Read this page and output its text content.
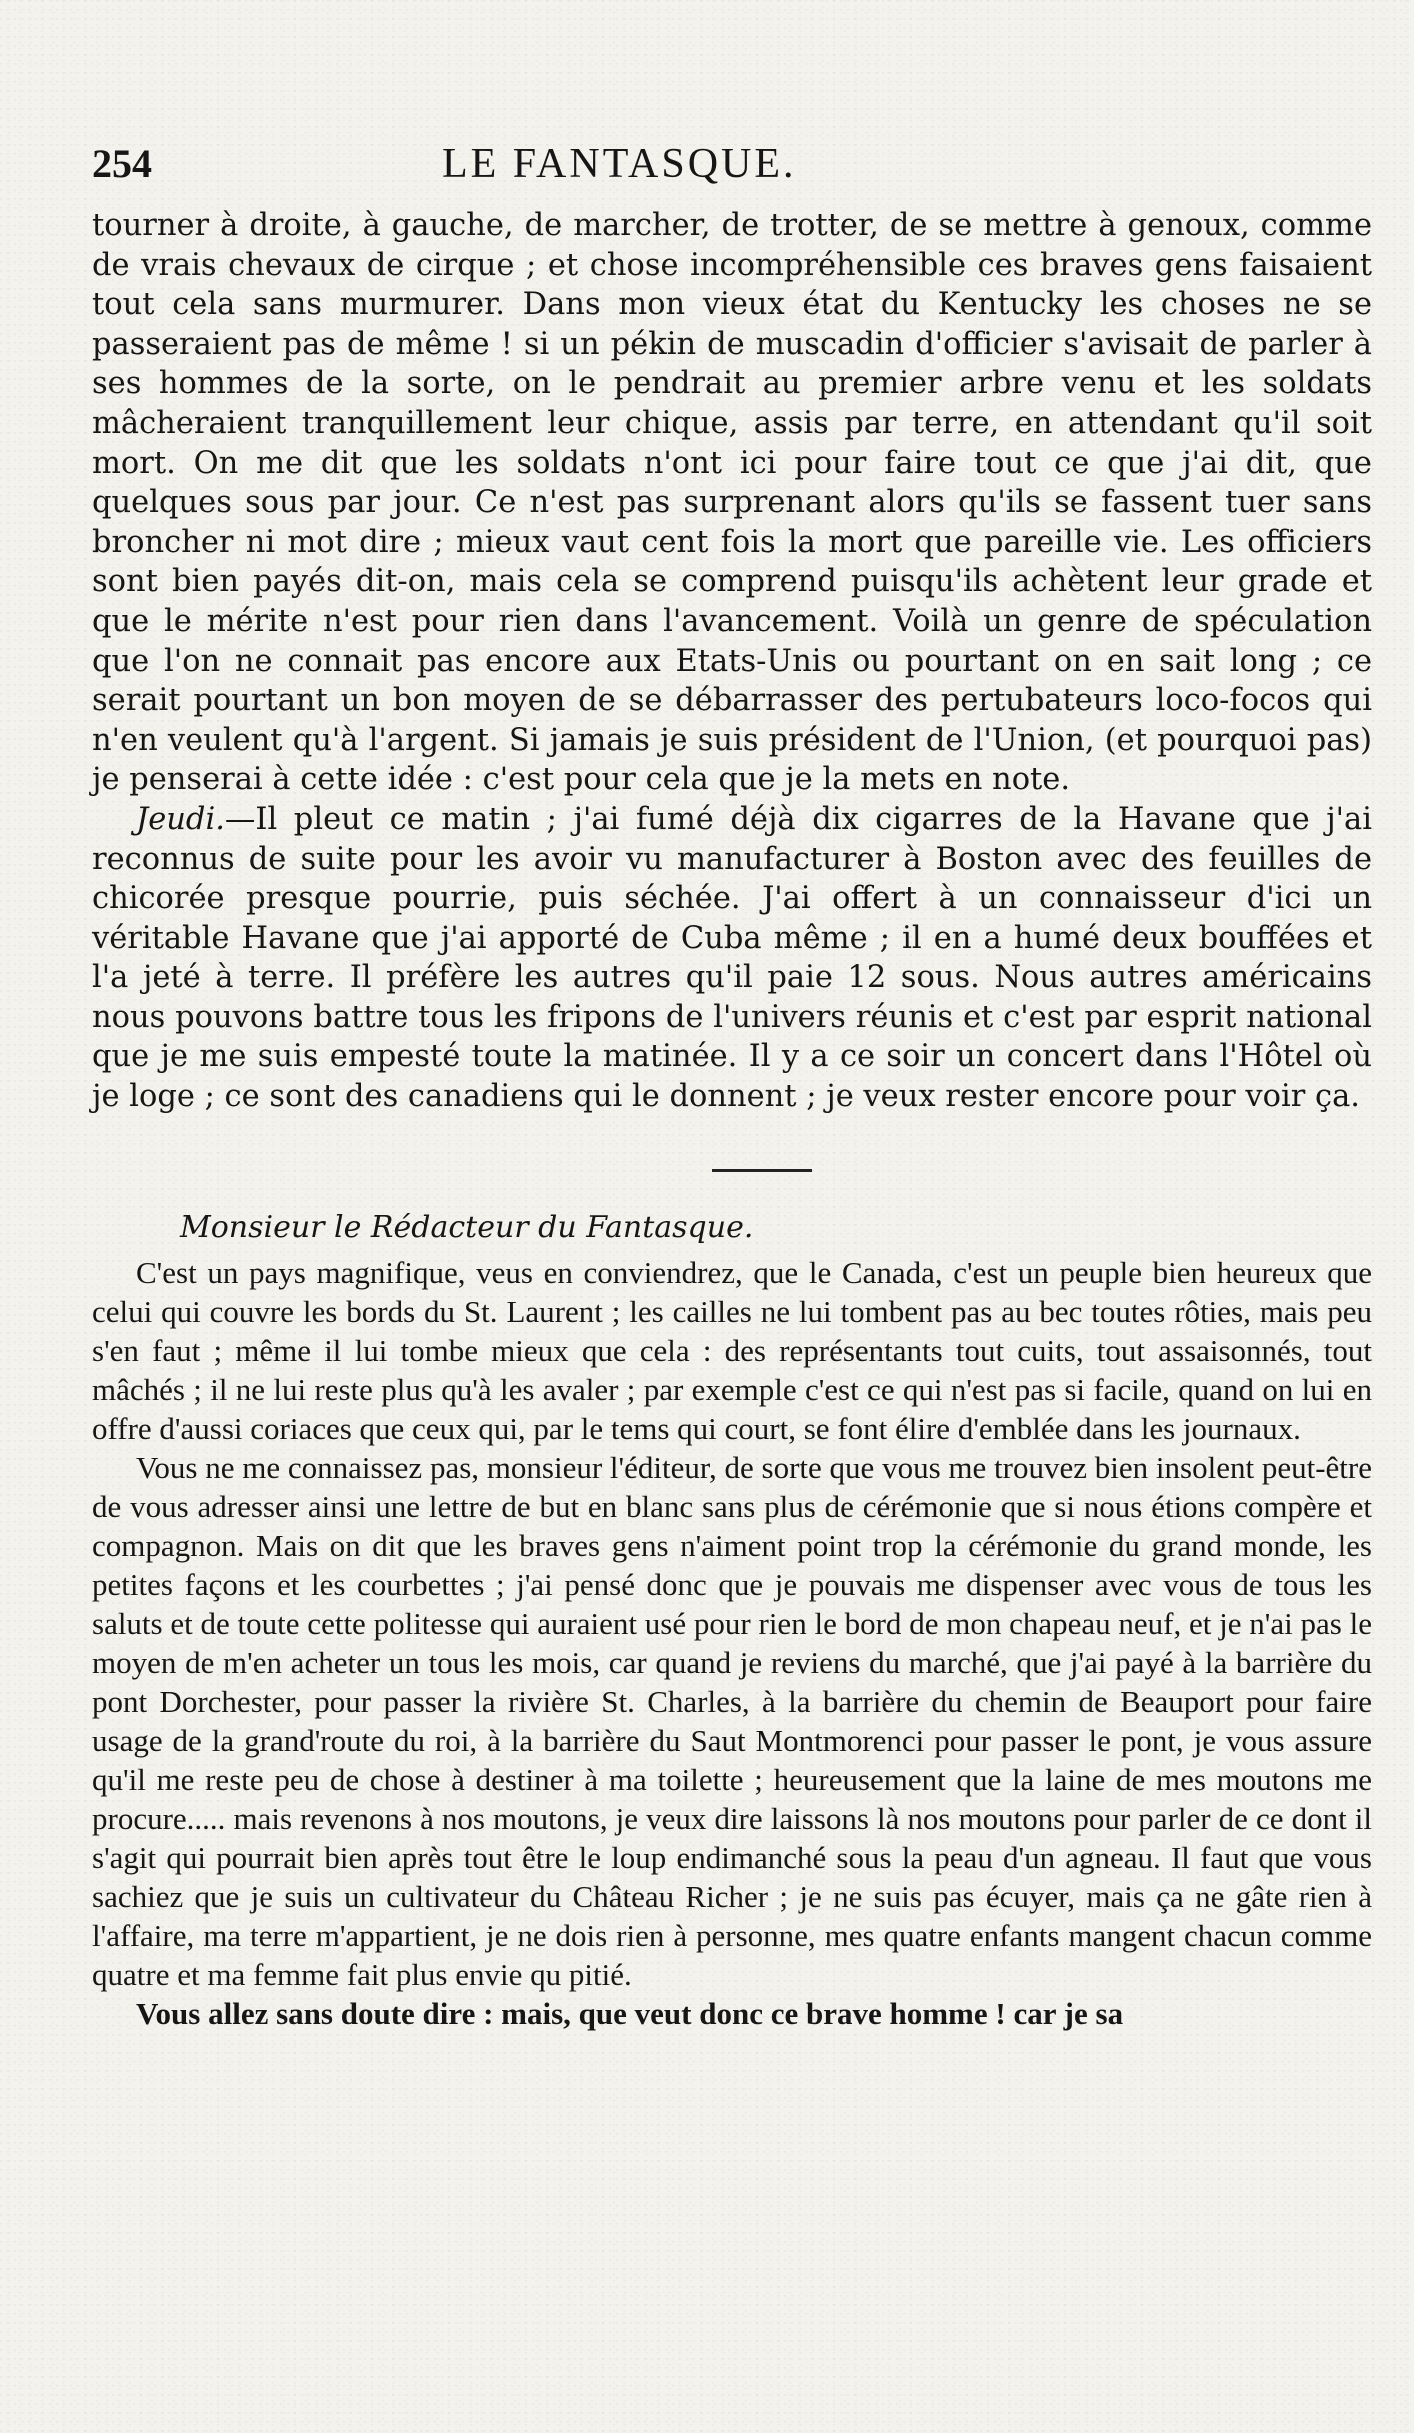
254	LE FANTASQUE.

tourner à droite, à gauche, de marcher, de trotter, de se mettre à genoux, comme de vrais chevaux de cirque ; et chose incompréhensible ces braves gens faisaient tout cela sans murmurer. Dans mon vieux état du Kentucky les choses ne se passeraient pas de même ! si un pékin de muscadin d'officier s'avisait de parler à ses hommes de la sorte, on le pendrait au premier arbre venu et les soldats mâcheraient tranquillement leur chique, assis par terre, en attendant qu'il soit mort. On me dit que les soldats n'ont ici pour faire tout ce que j'ai dit, que quelques sous par jour. Ce n'est pas surprenant alors qu'ils se fassent tuer sans broncher ni mot dire ; mieux vaut cent fois la mort que pareille vie. Les officiers sont bien payés dit-on, mais cela se comprend puisqu'ils achètent leur grade et que le mérite n'est pour rien dans l'avancement. Voilà un genre de spéculation que l'on ne connait pas encore aux Etats-Unis ou pourtant on en sait long ; ce serait pourtant un bon moyen de se débarrasser des pertubateurs loco-focos qui n'en veulent qu'à l'argent. Si jamais je suis président de l'Union, (et pourquoi pas) je penserai à cette idée : c'est pour cela que je la mets en note.

Jeudi.—Il pleut ce matin ; j'ai fumé déjà dix cigarres de la Havane que j'ai reconnus de suite pour les avoir vu manufacturer à Boston avec des feuilles de chicorée presque pourrie, puis séchée. J'ai offert à un connaisseur d'ici un véritable Havane que j'ai apporté de Cuba même ; il en a humé deux bouffées et l'a jeté à terre. Il préfère les autres qu'il paie 12 sous. Nous autres américains nous pouvons battre tous les fripons de l'univers réunis et c'est par esprit national que je me suis empesté toute la matinée. Il y a ce soir un concert dans l'Hôtel où je loge ; ce sont des canadiens qui le donnent ; je veux rester encore pour voir ça.

Monsieur le Rédacteur du Fantasque.

C'est un pays magnifique, veus en conviendrez, que le Canada, c'est un peuple bien heureux que celui qui couvre les bords du St. Laurent ; les cailles ne lui tombent pas au bec toutes rôties, mais peu s'en faut ; même il lui tombe mieux que cela : des représentants tout cuits, tout assaisonnés, tout mâchés ; il ne lui reste plus qu'à les avaler ; par exemple c'est ce qui n'est pas si facile, quand on lui en offre d'aussi coriaces que ceux qui, par le tems qui court, se font élire d'emblée dans les journaux.

Vous ne me connaissez pas, monsieur l'éditeur, de sorte que vous me trouvez bien insolent peut-être de vous adresser ainsi une lettre de but en blanc sans plus de cérémonie que si nous étions compère et compagnon. Mais on dit que les braves gens n'aiment point trop la cérémonie du grand monde, les petites façons et les courbettes ; j'ai pensé donc que je pouvais me dispenser avec vous de tous les saluts et de toute cette politesse qui auraient usé pour rien le bord de mon chapeau neuf, et je n'ai pas le moyen de m'en acheter un tous les mois, car quand je reviens du marché, que j'ai payé à la barrière du pont Dorchester, pour passer la rivière St. Charles, à la barrière du chemin de Beauport pour faire usage de la grand'route du roi, à la barrière du Saut Montmorenci pour passer le pont, je vous assure qu'il me reste peu de chose à destiner à ma toilette ; heureusement que la laine de mes moutons me procure..... mais revenons à nos moutons, je veux dire laissons là nos moutons pour parler de ce dont il s'agit qui pourrait bien après tout être le loup endimanché sous la peau d'un agneau. Il faut que vous sachiez que je suis un cultivateur du Château Richer ; je ne suis pas écuyer, mais ça ne gâte rien à l'affaire, ma terre m'appartient, je ne dois rien à personne, mes quatre enfants mangent chacun comme quatre et ma femme fait plus envie qu pitié.

Vous allez sans doute dire : mais, que veut donc ce brave homme ! car je sa
